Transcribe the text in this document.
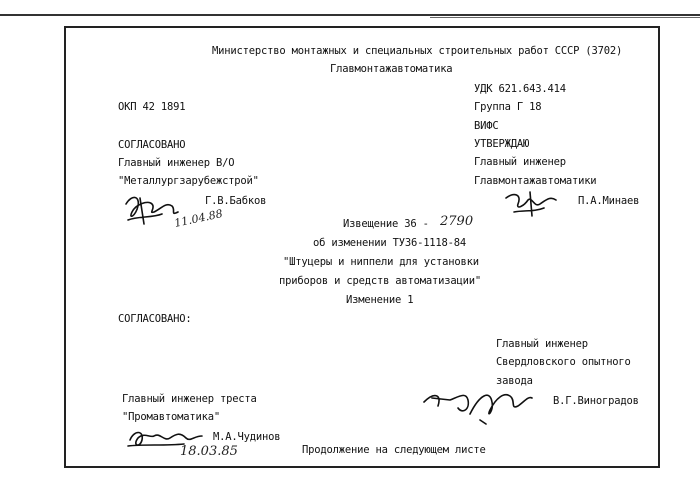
Министерство монтажных и специальных строительных работ СССР (3702)
Главмонтажавтоматика
ОКП 42 1891
СОГЛАСОВАНО
Главный инженер В/О
"Металлургзарубежстрой"
Г.В.Бабков
11.04.88
УДК 621.643.414
Группа Г 18
ВИФС
УТВЕРЖДАЮ
Главный инженер
Главмонтажавтоматики
П.А.Минаев
Извещение 36 - 2790
об изменении ТУ36-1118-84
"Штуцеры и ниппели для установки
приборов и средств автоматизации"
Изменение 1
СОГЛАСОВАНО:
Главный инженер
Свердловского опытного
завода
В.Г.Виноградов
Главный инженер треста
"Промавтоматика"
М.А.Чудинов
18.03.85	Продолжение на следующем листе
